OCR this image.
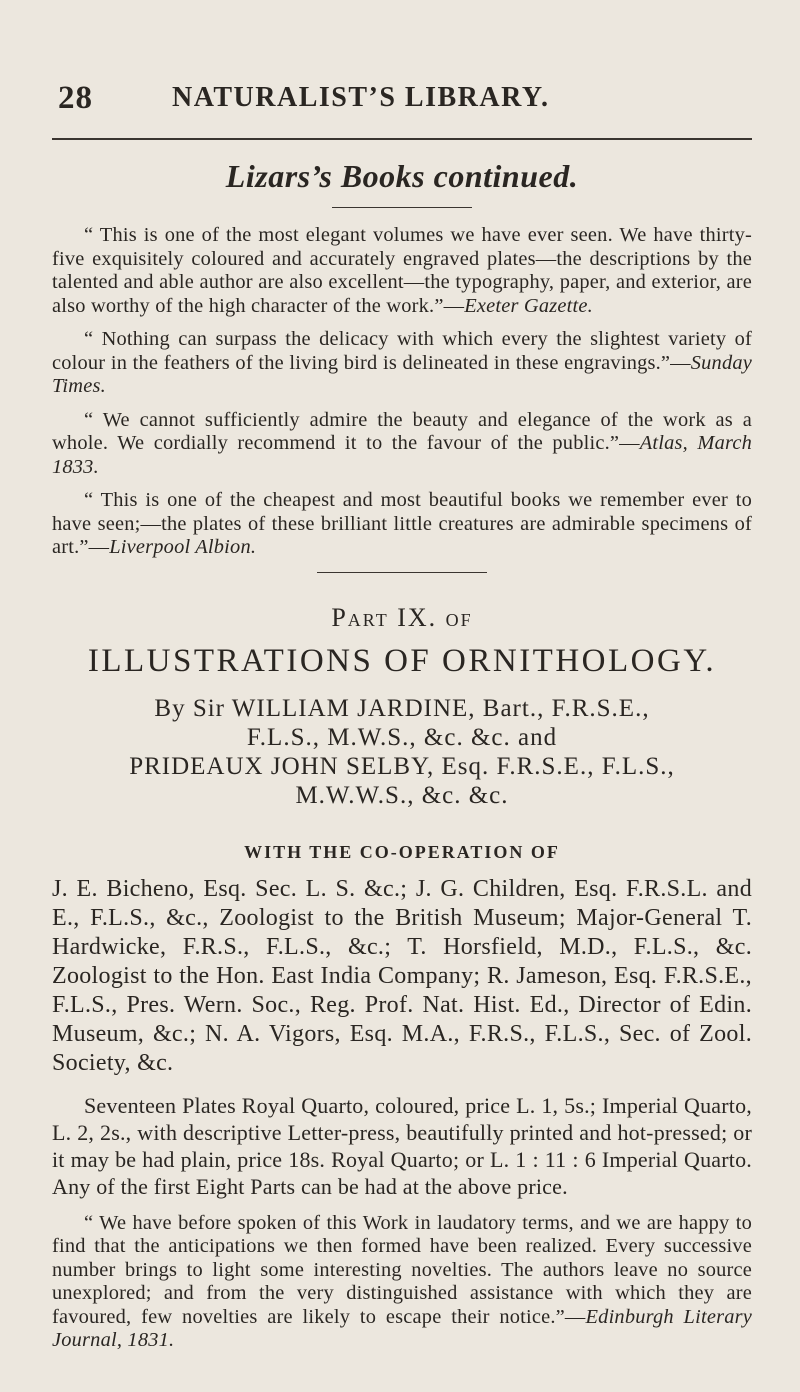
28	NATURALIST’S LIBRARY.
Lizars’s Books continued.

“ This is one of the most elegant volumes we have ever seen. We have thirty-five exquisitely coloured and accurately engraved plates—the descriptions by the talented and able author are also excellent—the typography, paper, and exterior, are also worthy of the high character of the work.”—Exeter Gazette.

“ Nothing can surpass the delicacy with which every the slightest variety of colour in the feathers of the living bird is delineated in these engravings.”—Sunday Times.

“ We cannot sufficiently admire the beauty and elegance of the work as a whole. We cordially recommend it to the favour of the public.”—Atlas, March 1833.

“ This is one of the cheapest and most beautiful books we remember ever to have seen;—the plates of these brilliant little creatures are admirable specimens of art.”—Liverpool Albion.

Part IX. of
ILLUSTRATIONS OF ORNITHOLOGY.
By Sir WILLIAM JARDINE, Bart., F.R.S.E.,
F.L.S., M.W.S., &c. &c. and
PRIDEAUX JOHN SELBY, Esq. F.R.S.E., F.L.S.,
M.W.W.S., &c. &c.
WITH THE CO-OPERATION OF

J. E. Bicheno, Esq. Sec. L. S. &c.; J. G. Children, Esq. F.R.S.L. and E., F.L.S., &c., Zoologist to the British Museum; Major-General T. Hardwicke, F.R.S., F.L.S., &c.; T. Horsfield, M.D., F.L.S., &c. Zoologist to the Hon. East India Company; R. Jameson, Esq. F.R.S.E., F.L.S., Pres. Wern. Soc., Reg. Prof. Nat. Hist. Ed., Director of Edin. Museum, &c.; N. A. Vigors, Esq. M.A., F.R.S., F.L.S., Sec. of Zool. Society, &c.

Seventeen Plates Royal Quarto, coloured, price L. 1, 5s.; Imperial Quarto, L. 2, 2s., with descriptive Letter-press, beautifully printed and hot-pressed; or it may be had plain, price 18s. Royal Quarto; or L. 1 : 11 : 6 Imperial Quarto. Any of the first Eight Parts can be had at the above price.

“ We have before spoken of this Work in laudatory terms, and we are happy to find that the anticipations we then formed have been realized. Every successive number brings to light some interesting novelties. The authors leave no source unexplored; and from the very distinguished assistance with which they are favoured, few novelties are likely to escape their notice.”—Edinburgh Literary Journal, 1831.
